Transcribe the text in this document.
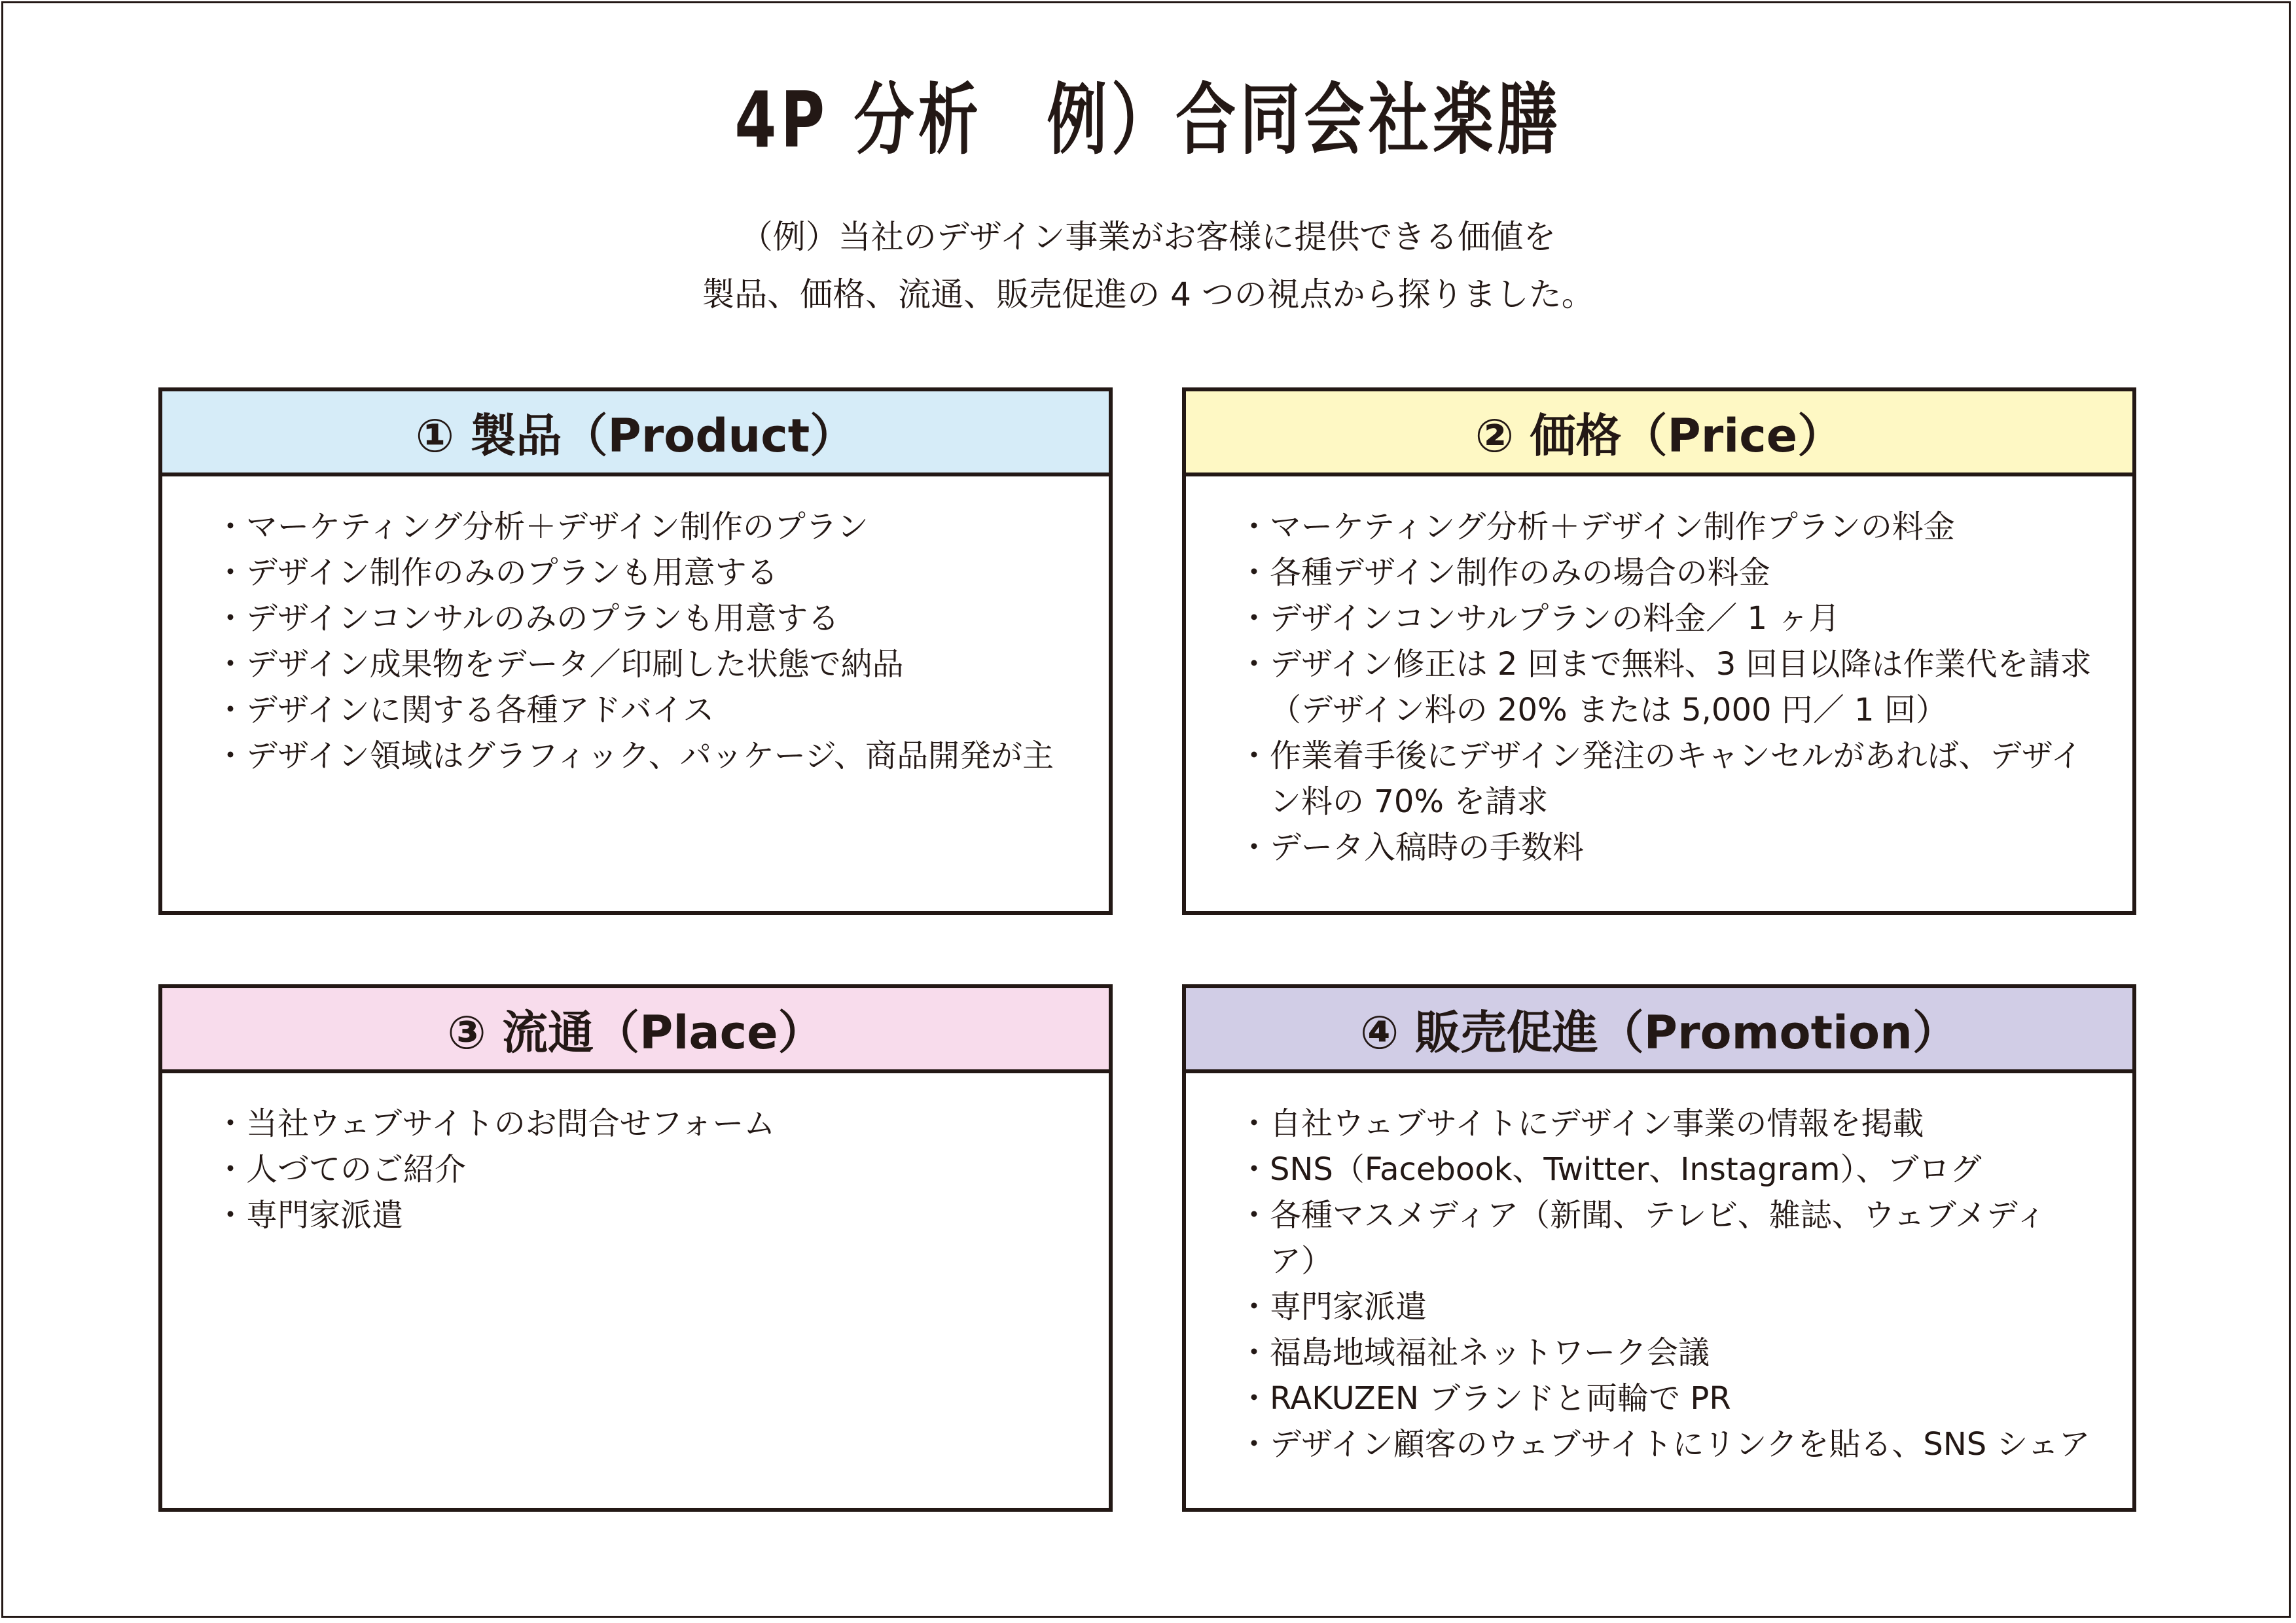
4P 分析　例）合同会社楽膳
（例）当社のデザイン事業がお客様に提供できる価値を
製品、価格、流通、販売促進の 4 つの視点から探りました。
① 製品（Product）
・ マーケティング分析＋デザイン制作のプラン
・ デザイン制作のみのプランも用意する
・ デザインコンサルのみのプランも用意する
・ デザイン成果物をデータ／印刷した状態で納品
・ デザインに関する各種アドバイス
・ デザイン領域はグラフィック、パッケージ、商品開発が主
② 価格（Price）
・ マーケティング分析＋デザイン制作プランの料金
・ 各種デザイン制作のみの場合の料金
・ デザインコンサルプランの料金／ 1 ヶ月
・ デザイン修正は 2 回まで無料、3 回目以降は作業代を請求（デザイン料の 20% または 5,000 円／ 1 回）
・ 作業着手後にデザイン発注のキャンセルがあれば、デザイン料の 70% を請求
・ データ入稿時の手数料
③ 流通（Place）
・ 当社ウェブサイトのお問合せフォーム
・ 人づてのご紹介
・ 専門家派遣
④ 販売促進（Promotion）
・ 自社ウェブサイトにデザイン事業の情報を掲載
・ SNS（Facebook、Twitter、Instagram）、ブログ
・ 各種マスメディア（新聞、テレビ、雑誌、ウェブメディア）
・ 専門家派遣
・ 福島地域福祉ネットワーク会議
・ RAKUZEN ブランドと両輪で PR
・ デザイン顧客のウェブサイトにリンクを貼る、SNS シェア
